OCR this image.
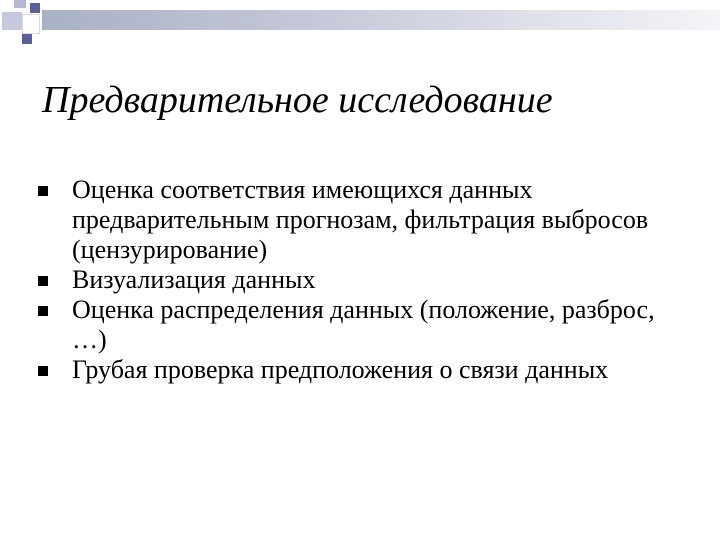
Предварительное исследование
Оценка соответствия имеющихся данных предварительным прогнозам, фильтрация выбросов (цензурирование)
Визуализация данных
Оценка распределения данных (положение, разброс, …)
Грубая проверка предположения о связи данных
